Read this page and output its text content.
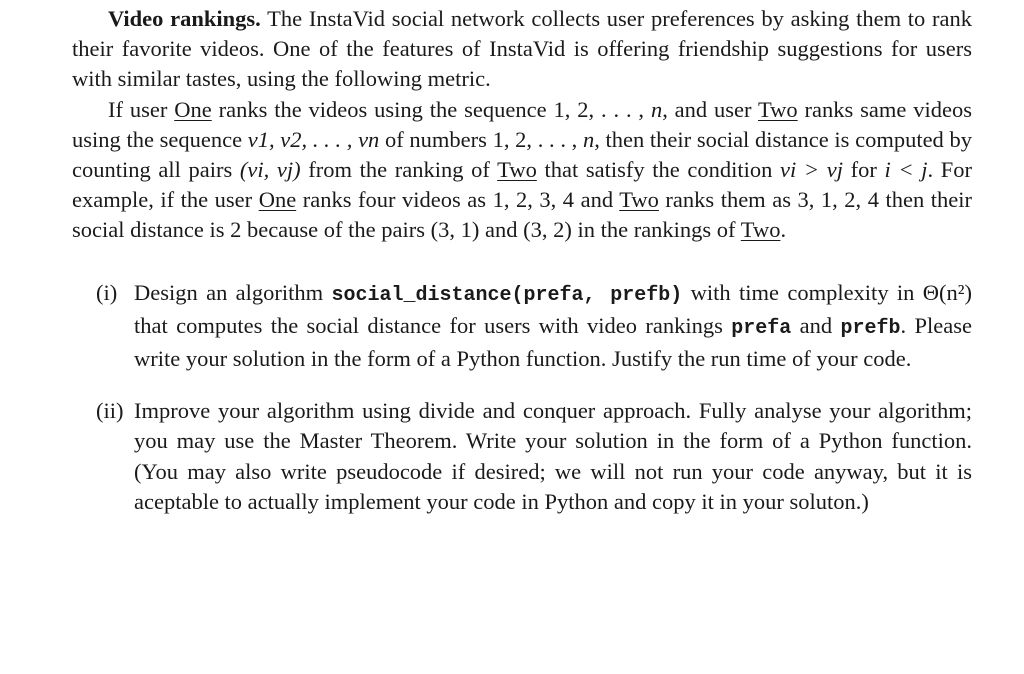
Video rankings. The InstaVid social network collects user preferences by asking them to rank their favorite videos. One of the features of InstaVid is offering friendship suggestions for users with similar tastes, using the following metric.

If user One ranks the videos using the sequence 1, 2, . . . , n, and user Two ranks same videos using the sequence v1, v2, . . . , vn of numbers 1, 2, . . . , n, then their social distance is computed by counting all pairs (vi, vj) from the ranking of Two that satisfy the condition vi > vj for i < j. For example, if the user One ranks four videos as 1, 2, 3, 4 and Two ranks them as 3, 1, 2, 4 then their social distance is 2 because of the pairs (3, 1) and (3, 2) in the rankings of Two.

(i) Design an algorithm social_distance(prefa, prefb) with time complexity in Θ(n²) that computes the social distance for users with video rankings prefa and prefb. Please write your solution in the form of a Python function. Justify the run time of your code.
(ii) Improve your algorithm using divide and conquer approach. Fully analyse your algorithm; you may use the Master Theorem. Write your solution in the form of a Python function. (You may also write pseudocode if desired; we will not run your code anyway, but it is aceptable to actually implement your code in Python and copy it in your soluton.)
